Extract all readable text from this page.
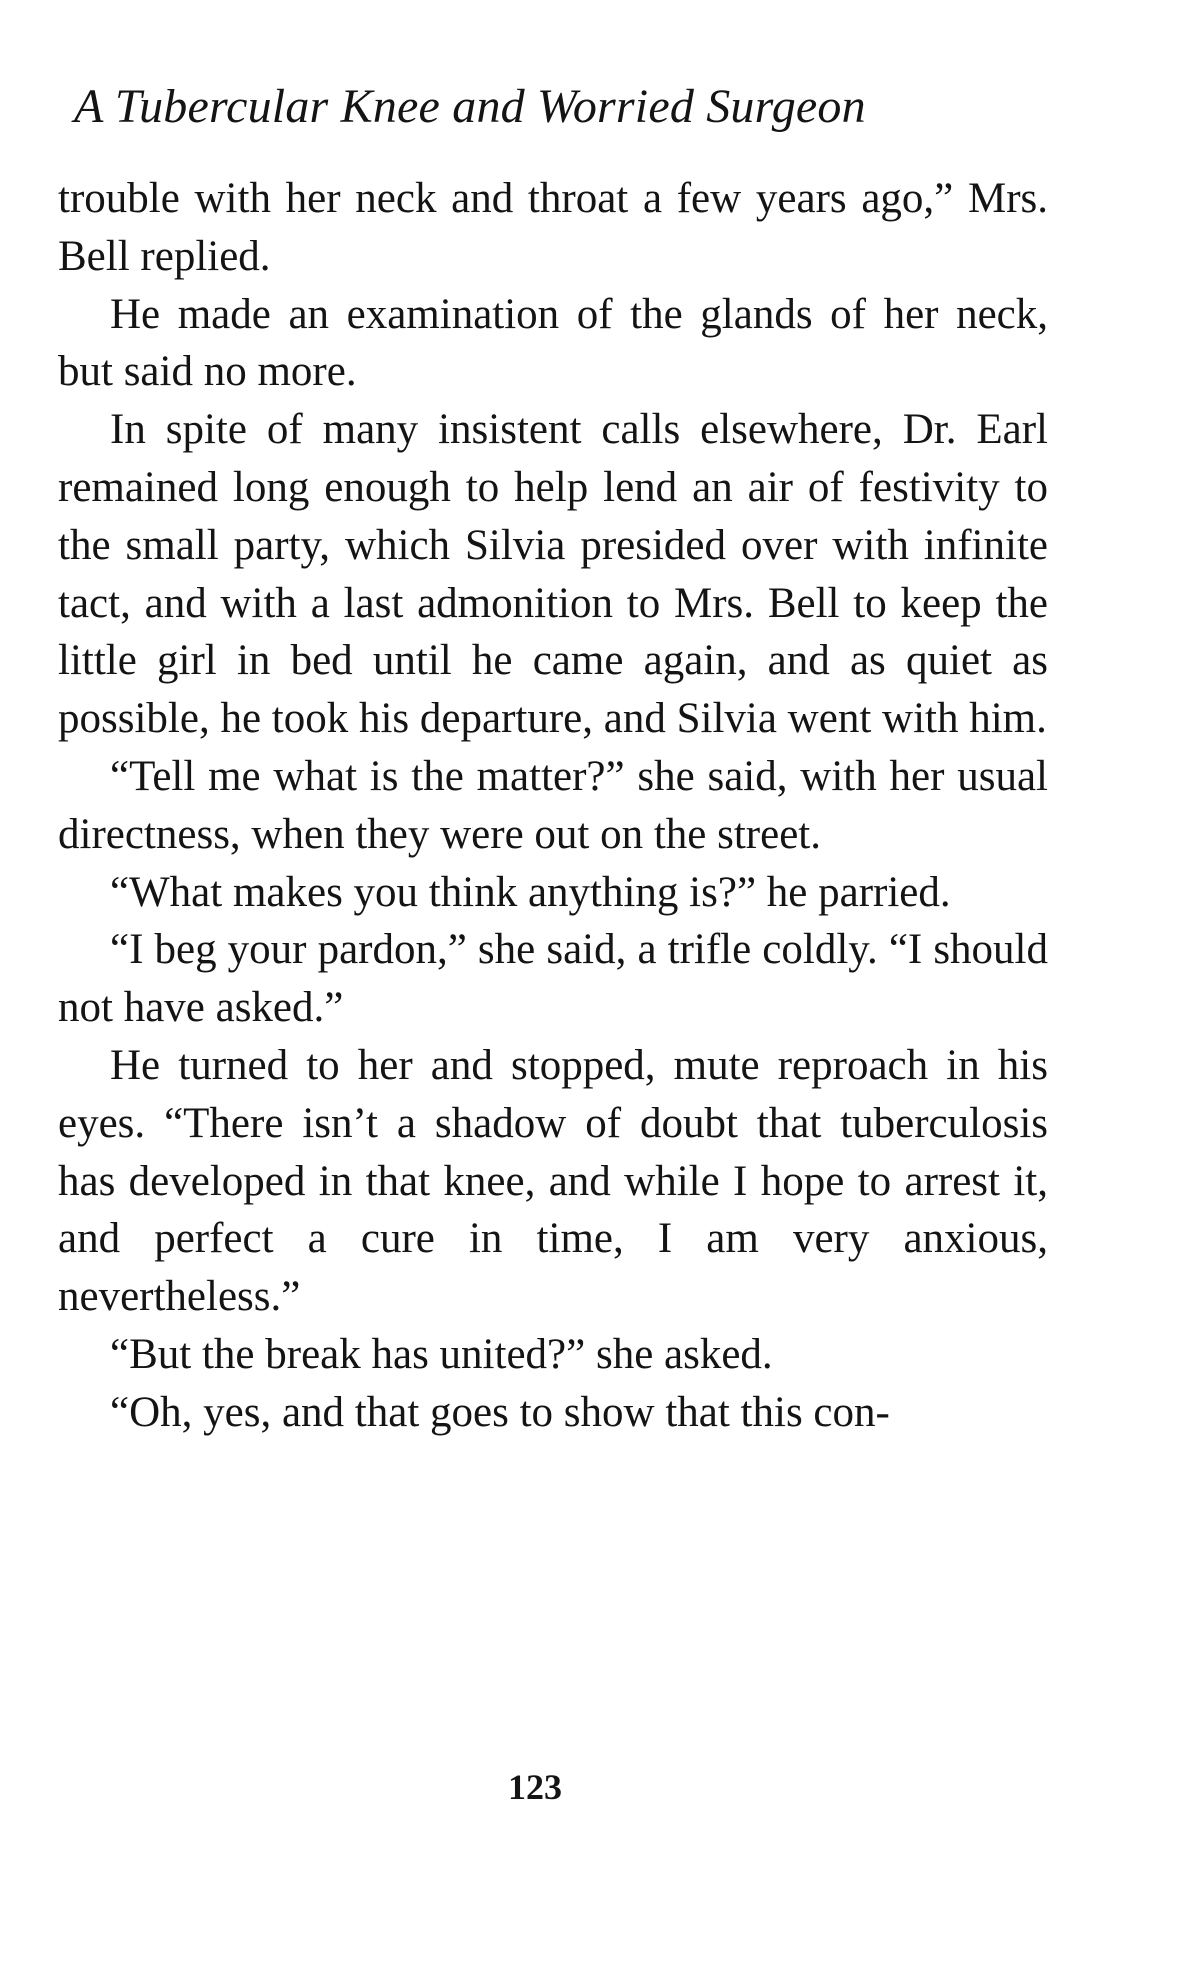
A Tubercular Knee and Worried Surgeon

trouble with her neck and throat a few years ago,” Mrs. Bell replied.

He made an examination of the glands of her neck, but said no more.

In spite of many insistent calls elsewhere, Dr. Earl remained long enough to help lend an air of festivity to the small party, which Silvia presided over with infinite tact, and with a last admonition to Mrs. Bell to keep the little girl in bed until he came again, and as quiet as possible, he took his departure, and Silvia went with him.

“Tell me what is the matter?” she said, with her usual directness, when they were out on the street.

“What makes you think anything is?” he parried.

“I beg your pardon,” she said, a trifle coldly. “I should not have asked.”

He turned to her and stopped, mute reproach in his eyes. “There isn’t a shadow of doubt that tuberculosis has developed in that knee, and while I hope to arrest it, and perfect a cure in time, I am very anxious, nevertheless.”

“But the break has united?” she asked.

“Oh, yes, and that goes to show that this con-

123
